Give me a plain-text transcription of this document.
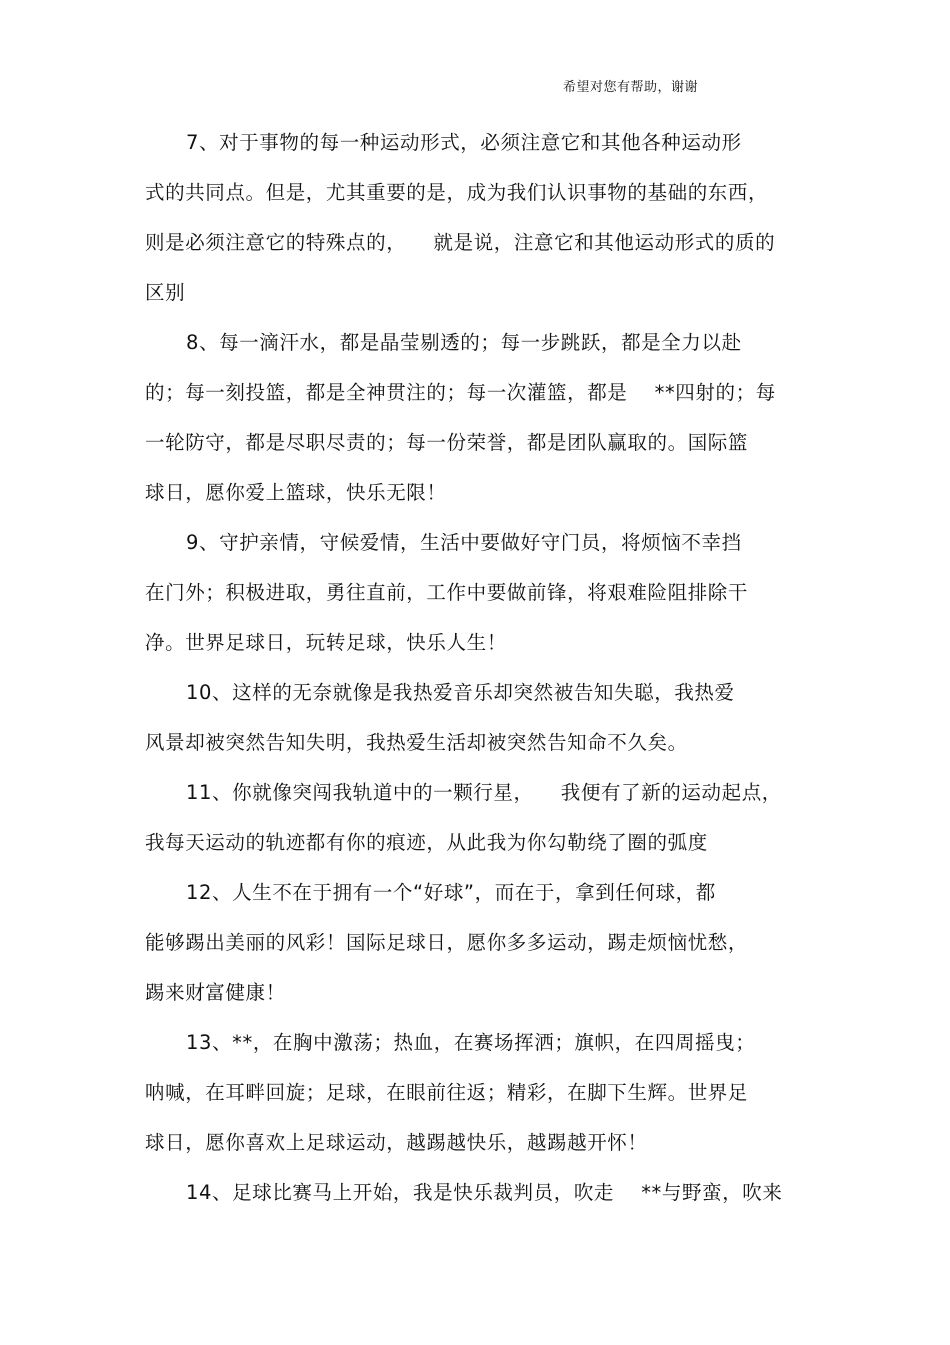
希望对您有帮助，谢谢
7、对于事物的每一种运动形式，必须注意它和其他各种运动形
式的共同点。但是，尤其重要的是，成为我们认识事物的基础的东西，
则是必须注意它的特殊点的，    就是说，注意它和其他运动形式的质的
区别
8、每一滴汗水，都是晶莹剔透的；每一步跳跃，都是全力以赴
的；每一刻投篮，都是全神贯注的；每一次灌篮，都是    **四射的；每
一轮防守，都是尽职尽责的；每一份荣誉，都是团队赢取的。国际篮
球日，愿你爱上篮球，快乐无限！
9、守护亲情，守候爱情，生活中要做好守门员，将烦恼不幸挡
在门外；积极进取，勇往直前，工作中要做前锋，将艰难险阻排除干
净。世界足球日，玩转足球，快乐人生！
10、这样的无奈就像是我热爱音乐却突然被告知失聪，我热爱
风景却被突然告知失明，我热爱生活却被突然告知命不久矣。
11、你就像突闯我轨道中的一颗行星，    我便有了新的运动起点，
我每天运动的轨迹都有你的痕迹，从此我为你勾勒绕了圈的弧度
12、人生不在于拥有一个“好球”，而在于，拿到任何球，都
能够踢出美丽的风彩！国际足球日，愿你多多运动，踢走烦恼忧愁，
踢来财富健康！
13、**，在胸中激荡；热血，在赛场挥洒；旗帜，在四周摇曳；
呐喊，在耳畔回旋；足球，在眼前往返；精彩，在脚下生辉。世界足
球日，愿你喜欢上足球运动，越踢越快乐，越踢越开怀！
14、足球比赛马上开始，我是快乐裁判员，吹走    **与野蛮，吹来
